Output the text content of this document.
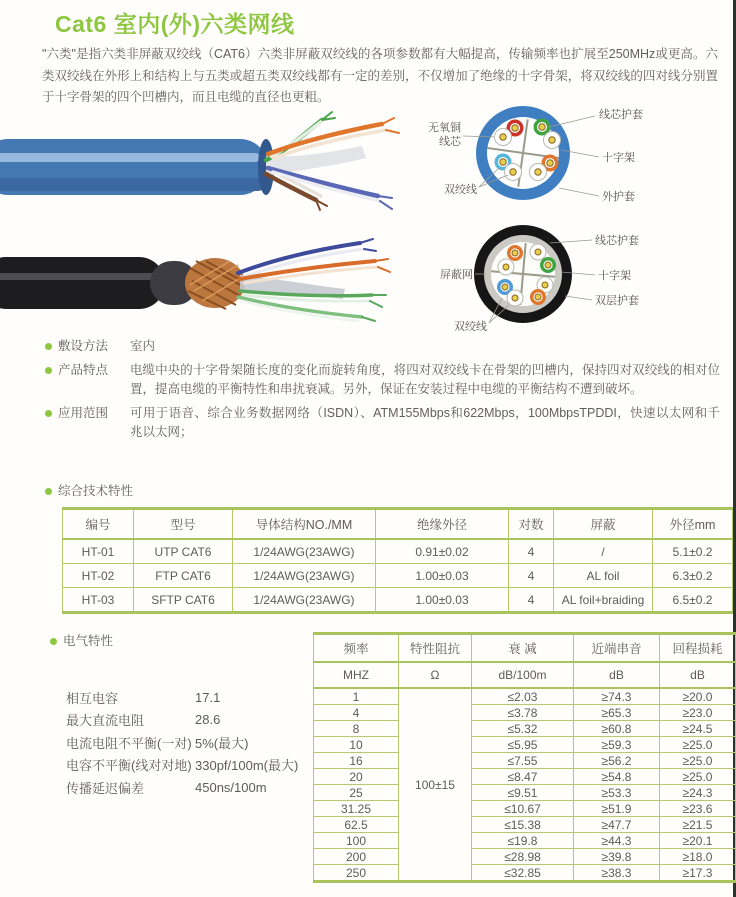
Cat6 室内(外)六类网线
"六类"是指六类非屏蔽双绞线（CAT6）六类非屏蔽双绞线的各项参数都有大幅提高，传输频率也扩展至250MHz或更高。六类双绞线在外形上和结构上与五类或超五类双绞线都有一定的差别，不仅增加了绝缘的十字骨架，将双绞线的四对线分别置于十字骨架的四个凹槽内，而且电缆的直径也更粗。
无氧铜
线芯
双绞线
线芯护套
十字架
外护套
屏蔽网
双绞线
线芯护套
十字架
双层护套
敷设方法	室内
产品特点	电缆中央的十字骨架随长度的变化而旋转角度，将四对双绞线卡在骨架的凹槽内，保持四对双绞线的相对位置，提高电缆的平衡特性和串扰衰减。另外，保证在安装过程中电缆的平衡结构不遭到破坏。
应用范围	可用于语音、综合业务数据网络（ISDN）、ATM155Mbps和622Mbps，100MbpsTPDDI，快速以太网和千兆以太网；
综合技术特性
编号	型号	导体结构NO./MM	绝缘外径	对数	屏蔽	外径mm
HT-01	UTP CAT6	1/24AWG(23AWG)	0.91±0.02	4	/	5.1±0.2
HT-02	FTP CAT6	1/24AWG(23AWG)	1.00±0.03	4	AL foil	6.3±0.2
HT-03	SFTP CAT6	1/24AWG(23AWG)	1.00±0.03	4	AL foil+braiding	6.5±0.2
电气特性
相互电容	17.1
最大直流电阻	28.6
电流电阻不平衡(一对) 5%(最大)
电容不平衡(线对对地) 330pf/100m(最大)
传播延迟偏差	450ns/100m
频率	特性阻抗	衰 减	近端串音	回程损耗
MHZ	Ω	dB/100m	dB	dB
1	100±15	≤2.03	≥74.3	≥20.0
4		≤3.78	≥65.3	≥23.0
8		≤5.32	≥60.8	≥24.5
10		≤5.95	≥59.3	≥25.0
16		≤7.55	≥56.2	≥25.0
20		≤8.47	≥54.8	≥25.0
25		≤9.51	≥53.3	≥24.3
31.25		≤10.67	≥51.9	≥23.6
62.5		≤15.38	≥47.7	≥21.5
100		≤19.8	≥44.3	≥20.1
200		≤28.98	≥39.8	≥18.0
250		≤32.85	≥38.3	≥17.3
